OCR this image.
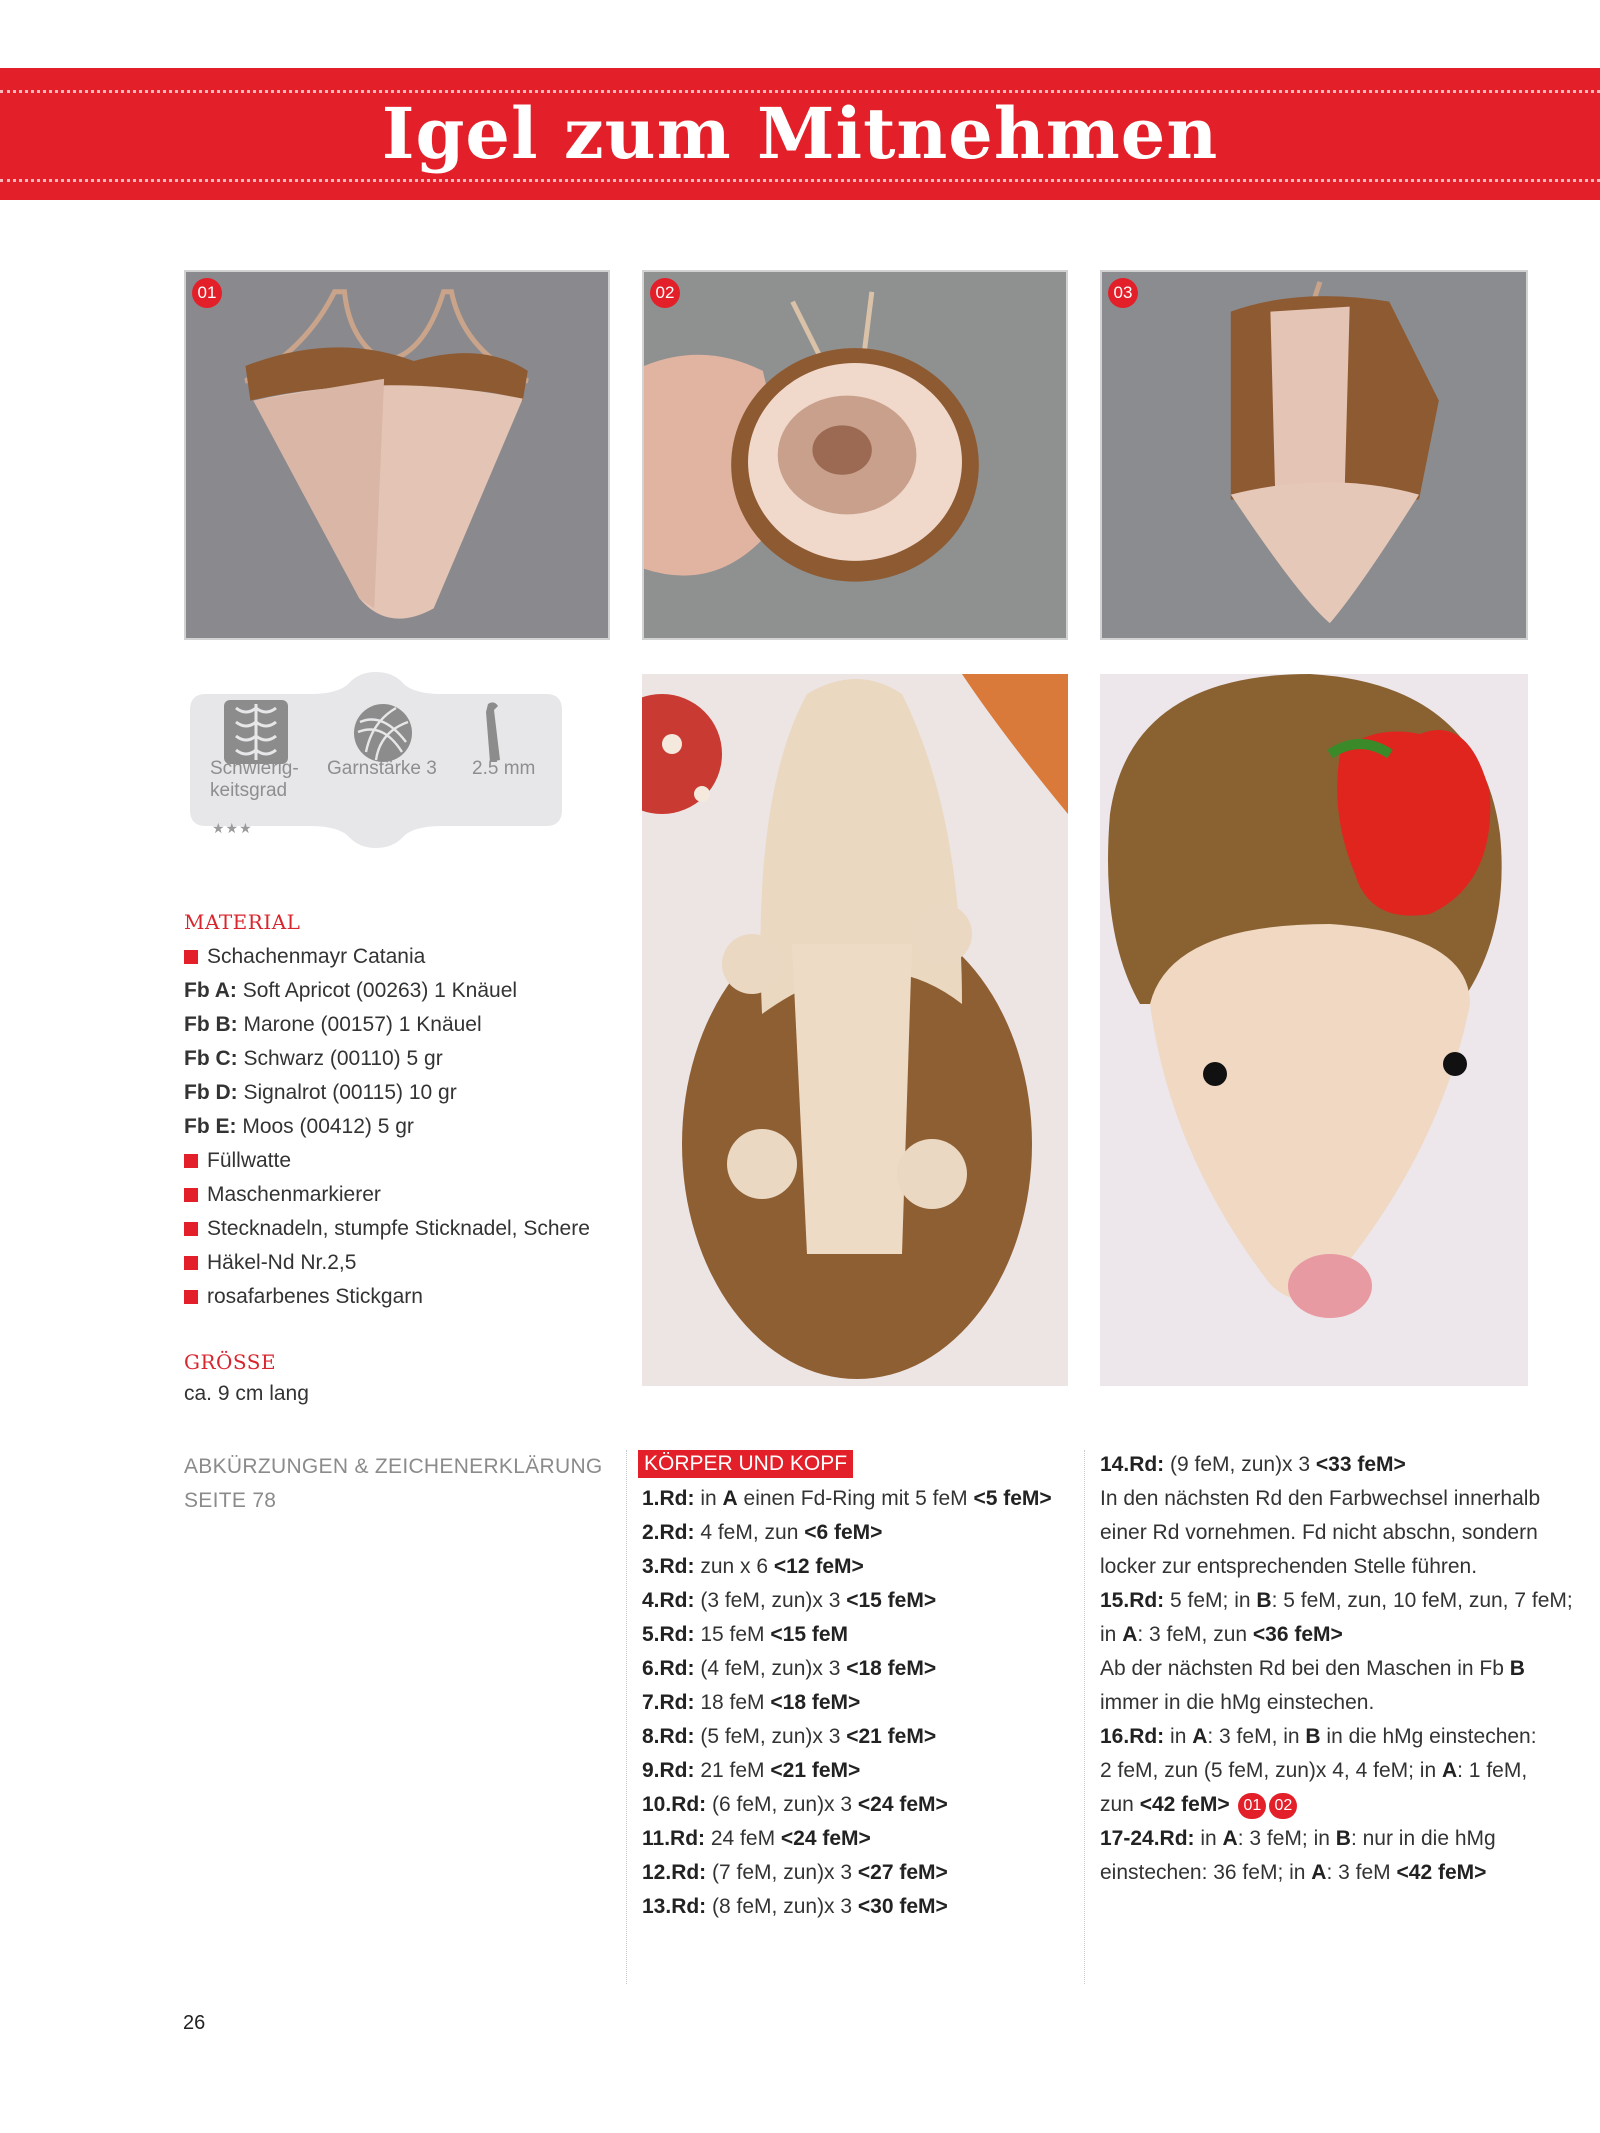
Igel zum Mitnehmen
01	02	03
Schwierig-
keitsgrad
★★★
Garnstärke 3 2.5 mm
MATERIAL
Schachenmayr Catania
Fb A: Soft Apricot (00263) 1 Knäuel
Fb B: Marone (00157) 1 Knäuel
Fb C: Schwarz (00110) 5 gr
Fb D: Signalrot (00115) 10 gr
Fb E: Moos (00412) 5 gr
Füllwatte
Maschenmarkierer
Stecknadeln, stumpfe Sticknadel, Schere
Häkel-Nd Nr.2,5
rosafarbenes Stickgarn
GRÖSSE
ca. 9 cm lang
ABKÜRZUNGEN & ZEICHENERKLÄRUNG
SEITE 78
KÖRPER UND KOPF
1.Rd: in A einen Fd-Ring mit 5 feM <5 feM>
2.Rd: 4 feM, zun <6 feM>
3.Rd: zun x 6 <12 feM>
4.Rd: (3 feM, zun)x 3 <15 feM>
5.Rd: 15 feM <15 feM
6.Rd: (4 feM, zun)x 3 <18 feM>
7.Rd: 18 feM <18 feM>
8.Rd: (5 feM, zun)x 3 <21 feM>
9.Rd: 21 feM <21 feM>
10.Rd: (6 feM, zun)x 3 <24 feM>
11.Rd: 24 feM <24 feM>
12.Rd: (7 feM, zun)x 3 <27 feM>
13.Rd: (8 feM, zun)x 3 <30 feM>
14.Rd: (9 feM, zun)x 3 <33 feM>
In den nächsten Rd den Farbwechsel innerhalb
einer Rd vornehmen. Fd nicht abschn, sondern
locker zur entsprechenden Stelle führen.
15.Rd: 5 feM; in B: 5 feM, zun, 10 feM, zun, 7 feM;
in A: 3 feM, zun <36 feM>
Ab der nächsten Rd bei den Maschen in Fb B
immer in die hMg einstechen.
16.Rd: in A: 3 feM, in B in die hMg einstechen:
2 feM, zun (5 feM, zun)x 4, 4 feM; in A: 1 feM,
zun <42 feM> 01 02
17-24.Rd: in A: 3 feM; in B: nur in die hMg
einstechen: 36 feM; in A: 3 feM <42 feM>
26
